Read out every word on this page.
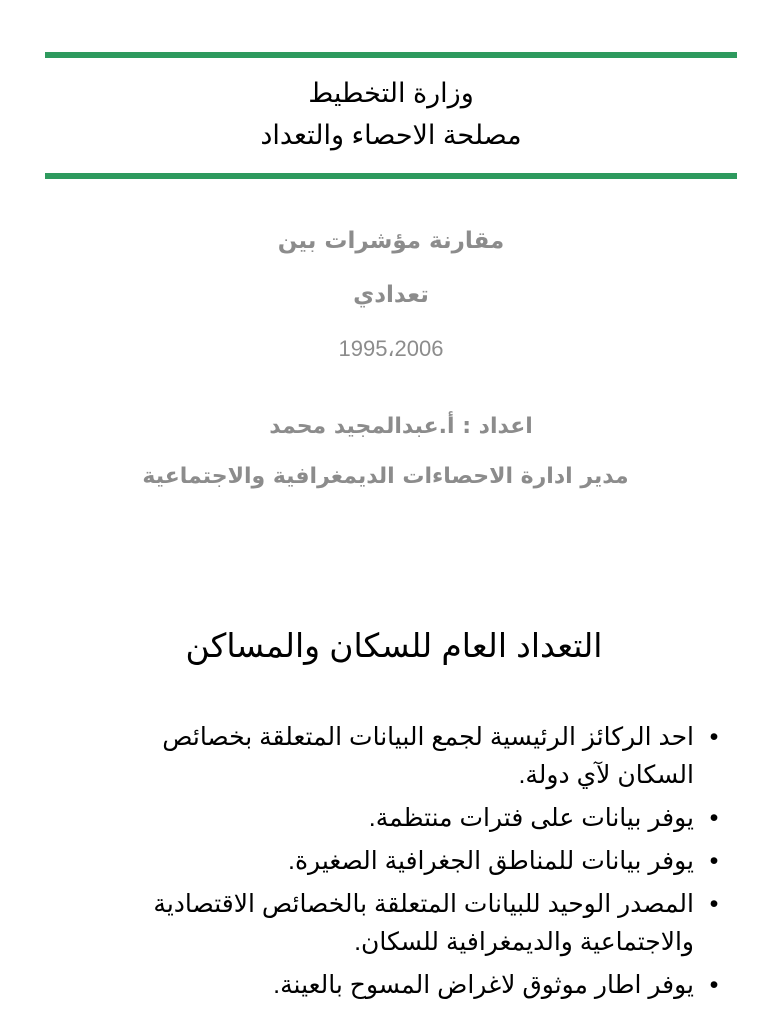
وزارة التخطيط
مصلحة الاحصاء والتعداد
مقارنة مؤشرات بين
تعدادي
1995،2006
اعداد : أ.عبدالمجيد محمد
مدير ادارة الاحصاءات الديمغرافية والاجتماعية
التعداد العام للسكان والمساكن
•
احد الركائز الرئيسية لجمع البيانات المتعلقة بخصائص السكان لآي دولة.
•
يوفر بيانات على فترات منتظمة.
•
يوفر بيانات للمناطق الجغرافية الصغيرة.
•
المصدر الوحيد للبيانات المتعلقة بالخصائص الاقتصادية والاجتماعية والديمغرافية للسكان.
•
يوفر اطار موثوق لاغراض المسوح بالعينة.
